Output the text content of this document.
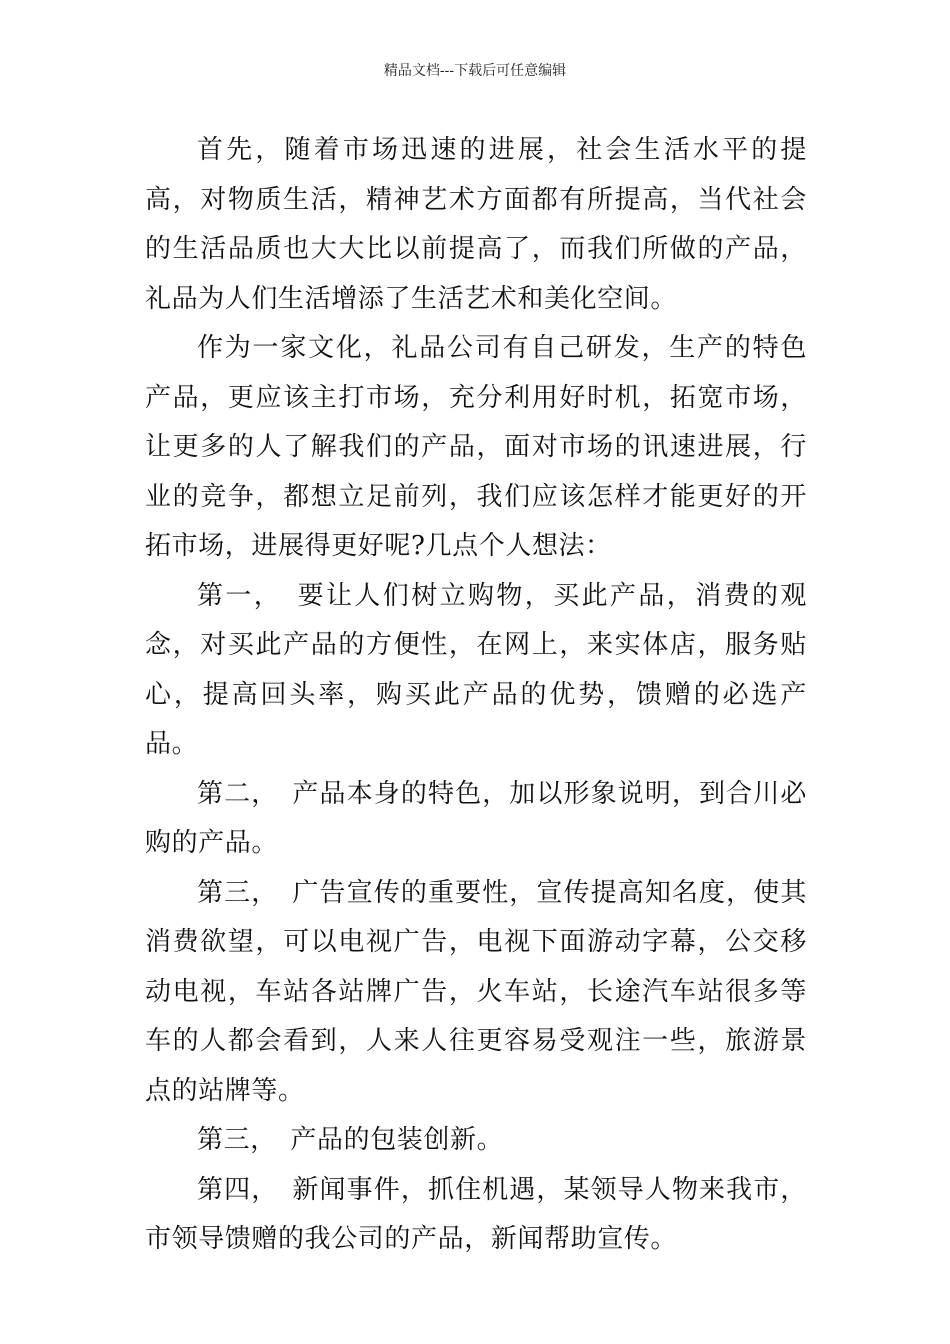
精品文档---下载后可任意编辑

首先，随着市场迅速的进展，社会生活水平的提高，对物质生活，精神艺术方面都有所提高，当代社会的生活品质也大大比以前提高了，而我们所做的产品，礼品为人们生活增添了生活艺术和美化空间。

作为一家文化，礼品公司有自己研发，生产的特色产品，更应该主打市场，充分利用好时机，拓宽市场，让更多的人了解我们的产品，面对市场的讯速进展，行业的竞争，都想立足前列，我们应该怎样才能更好的开拓市场，进展得更好呢?几点个人想法：

第一，　要让人们树立购物，买此产品，消费的观念，对买此产品的方便性，在网上，来实体店，服务贴心，提高回头率，购买此产品的优势，馈赠的必选产品。

第二，　产品本身的特色，加以形象说明，到合川必购的产品。

第三，　广告宣传的重要性，宣传提高知名度，使其消费欲望，可以电视广告，电视下面游动字幕，公交移动电视，车站各站牌广告，火车站，长途汽车站很多等车的人都会看到，人来人往更容易受观注一些，旅游景点的站牌等。

第三，　产品的包装创新。

第四，　新闻事件，抓住机遇，某领导人物来我市，市领导馈赠的我公司的产品，新闻帮助宣传。
